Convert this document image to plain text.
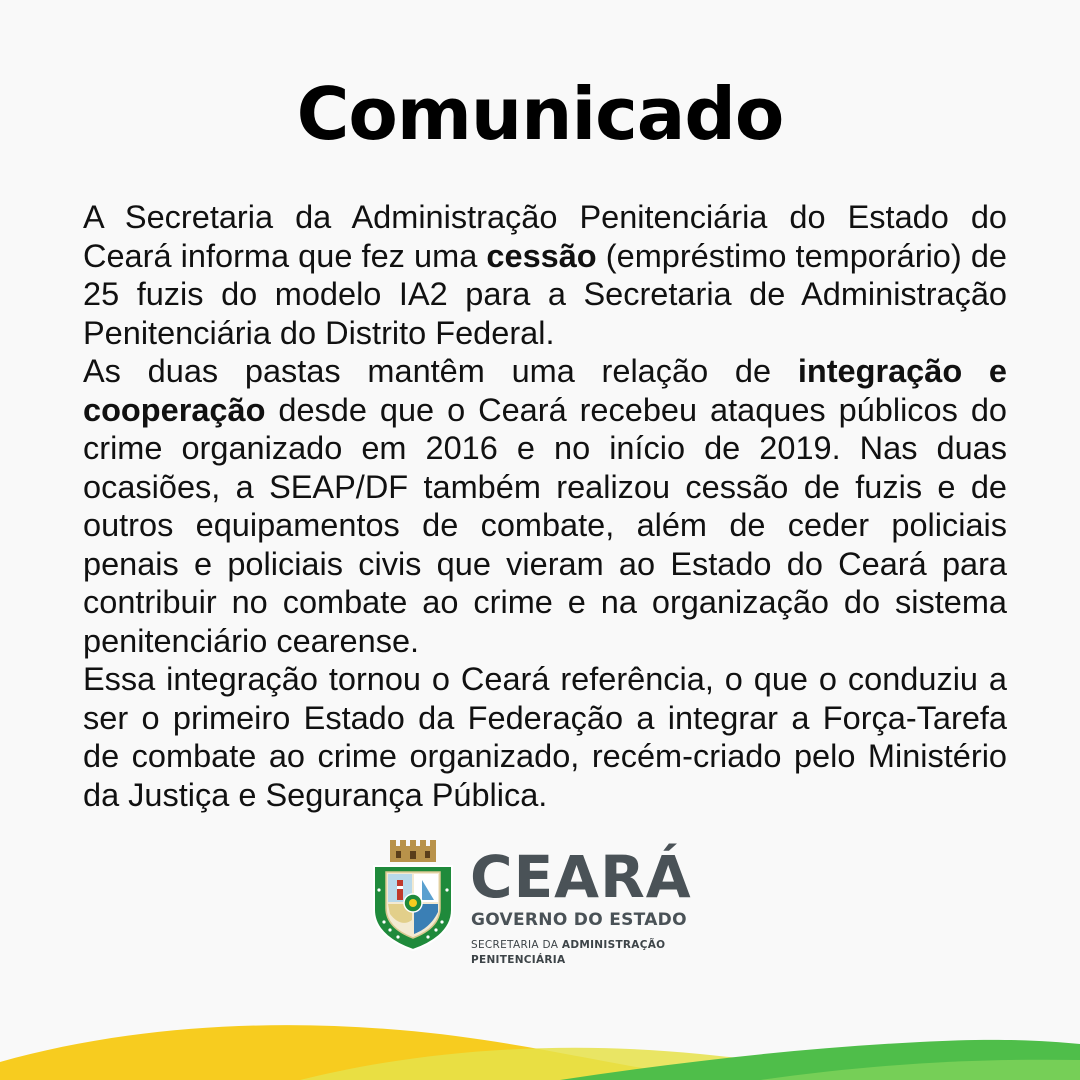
Comunicado

A Secretaria da Administração Penitenciária do Estado do Ceará informa que fez uma cessão (empréstimo temporário) de 25 fuzis do modelo IA2 para a Secretaria de Administração Penitenciária do Distrito Federal.

As duas pastas mantêm uma relação de integração e cooperação desde que o Ceará recebeu ataques públicos do crime organizado em 2016 e no início de 2019. Nas duas ocasiões, a SEAP/DF também realizou cessão de fuzis e de outros equipamentos de combate, além de ceder policiais penais e policiais civis que vieram ao Estado do Ceará para contribuir no combate ao crime e na organização do sistema penitenciário cearense.

Essa integração tornou o Ceará referência, o que o conduziu a ser o primeiro Estado da Federação a integrar a Força-Tarefa de combate ao crime organizado, recém-criado pelo Ministério da Justiça e Segurança Pública.

CEARÁ
GOVERNO DO ESTADO
SECRETARIA DA ADMINISTRAÇÃO
PENITENCIÁRIA
